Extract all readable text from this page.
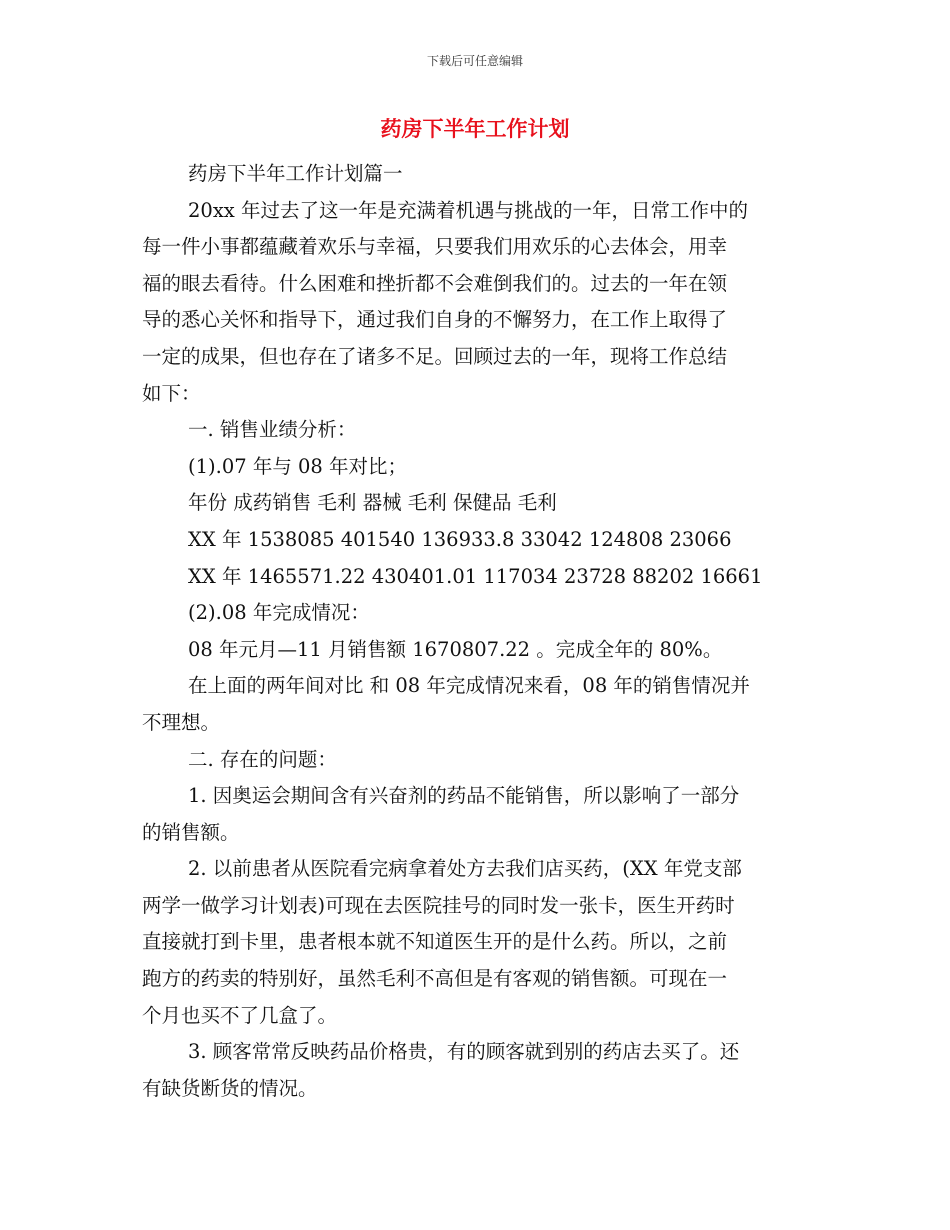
下载后可任意编辑
药房下半年工作计划
药房下半年工作计划篇一
20xx 年过去了这一年是充满着机遇与挑战的一年，日常工作中的
每一件小事都蕴藏着欢乐与幸福，只要我们用欢乐的心去体会，用幸
福的眼去看待。什么困难和挫折都不会难倒我们的。过去的一年在领
导的悉心关怀和指导下，通过我们自身的不懈努力，在工作上取得了
一定的成果，但也存在了诸多不足。回顾过去的一年，现将工作总结
如下：
一. 销售业绩分析：
(1).07 年与 08 年对比；
年份 成药销售 毛利 器械 毛利 保健品 毛利
XX 年 1538085 401540 136933.8 33042 124808 23066
XX 年 1465571.22 430401.01 117034 23728 88202 16661
(2).08 年完成情况：
08 年元月—11 月销售额 1670807.22 。完成全年的 80%。
在上面的两年间对比 和 08 年完成情况来看，08 年的销售情况并
不理想。
二. 存在的问题：
1. 因奥运会期间含有兴奋剂的药品不能销售，所以影响了一部分
的销售额。
2. 以前患者从医院看完病拿着处方去我们店买药，(XX 年党支部
两学一做学习计划表)可现在去医院挂号的同时发一张卡，医生开药时
直接就打到卡里，患者根本就不知道医生开的是什么药。所以，之前
跑方的药卖的特别好，虽然毛利不高但是有客观的销售额。可现在一
个月也买不了几盒了。
3. 顾客常常反映药品价格贵，有的顾客就到别的药店去买了。还
有缺货断货的情况。
